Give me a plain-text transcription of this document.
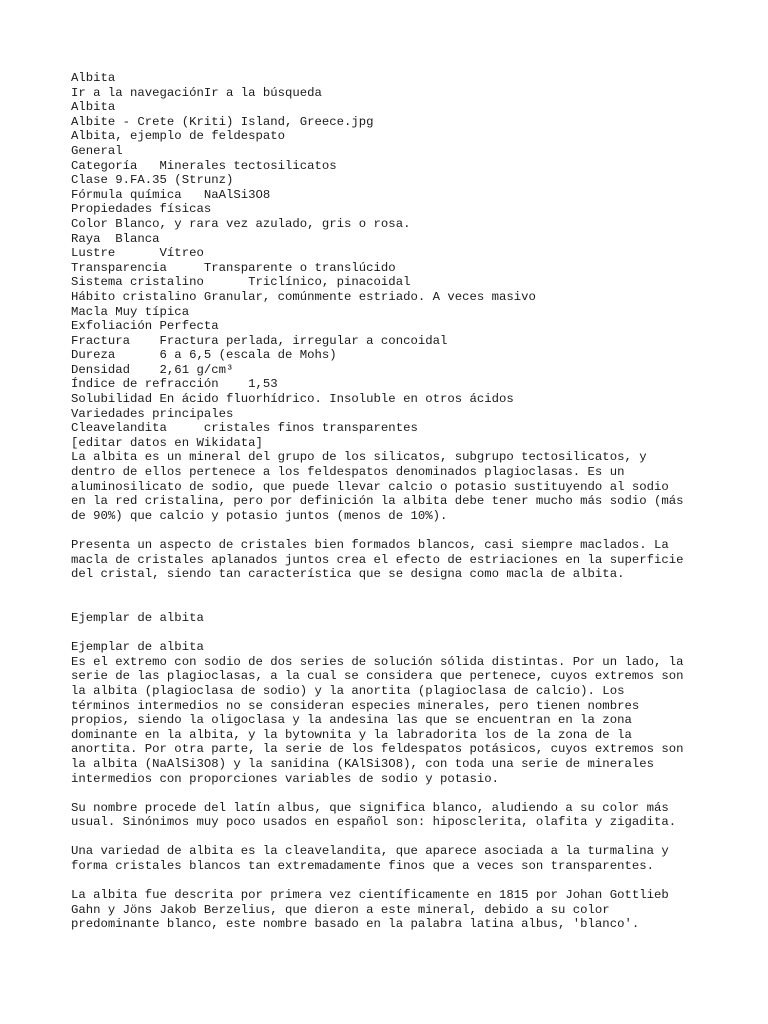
Albita
Ir a la navegaciónIr a la búsqueda
Albita
Albite - Crete (Kriti) Island, Greece.jpg
Albita, ejemplo de feldespato
General
Categoría   Minerales tectosilicatos
Clase 9.FA.35 (Strunz)
Fórmula química   NaAlSi3O8
Propiedades físicas
Color Blanco, y rara vez azulado, gris o rosa.
Raya  Blanca
Lustre      Vítreo
Transparencia     Transparente o translúcido
Sistema cristalino      Triclínico, pinacoidal
Hábito cristalino Granular, comúnmente estriado. A veces masivo
Macla Muy típica
Exfoliación Perfecta
Fractura    Fractura perlada, irregular a concoidal
Dureza      6 a 6,5 (escala de Mohs)
Densidad    2,61 g/cm³
Índice de refracción    1,53
Solubilidad En ácido fluorhídrico. Insoluble en otros ácidos
Variedades principales
Cleavelandita     cristales finos transparentes
[editar datos en Wikidata]
La albita es un mineral del grupo de los silicatos, subgrupo tectosilicatos, y
dentro de ellos pertenece a los feldespatos denominados plagioclasas. Es un
aluminosilicato de sodio, que puede llevar calcio o potasio sustituyendo al sodio
en la red cristalina, pero por definición la albita debe tener mucho más sodio (más
de 90%) que calcio y potasio juntos (menos de 10%).
Presenta un aspecto de cristales bien formados blancos, casi siempre maclados. La
macla de cristales aplanados juntos crea el efecto de estriaciones en la superficie
del cristal, siendo tan característica que se designa como macla de albita.
Ejemplar de albita
Ejemplar de albita
Es el extremo con sodio de dos series de solución sólida distintas. Por un lado, la
serie de las plagioclasas, a la cual se considera que pertenece, cuyos extremos son
la albita (plagioclasa de sodio) y la anortita (plagioclasa de calcio). Los
términos intermedios no se consideran especies minerales, pero tienen nombres
propios, siendo la oligoclasa y la andesina las que se encuentran en la zona
dominante en la albita, y la bytownita y la labradorita los de la zona de la
anortita. Por otra parte, la serie de los feldespatos potásicos, cuyos extremos son
la albita (NaAlSi3O8) y la sanidina (KAlSi3O8), con toda una serie de minerales
intermedios con proporciones variables de sodio y potasio.
Su nombre procede del latín albus, que significa blanco, aludiendo a su color más
usual. Sinónimos muy poco usados en español son: hiposclerita, olafita y zigadita.
Una variedad de albita es la cleavelandita, que aparece asociada a la turmalina y
forma cristales blancos tan extremadamente finos que a veces son transparentes.
La albita fue descrita por primera vez científicamente en 1815 por Johan Gottlieb
Gahn y Jöns Jakob Berzelius, que dieron a este mineral, debido a su color
predominante blanco, este nombre basado en la palabra latina albus, 'blanco'.
